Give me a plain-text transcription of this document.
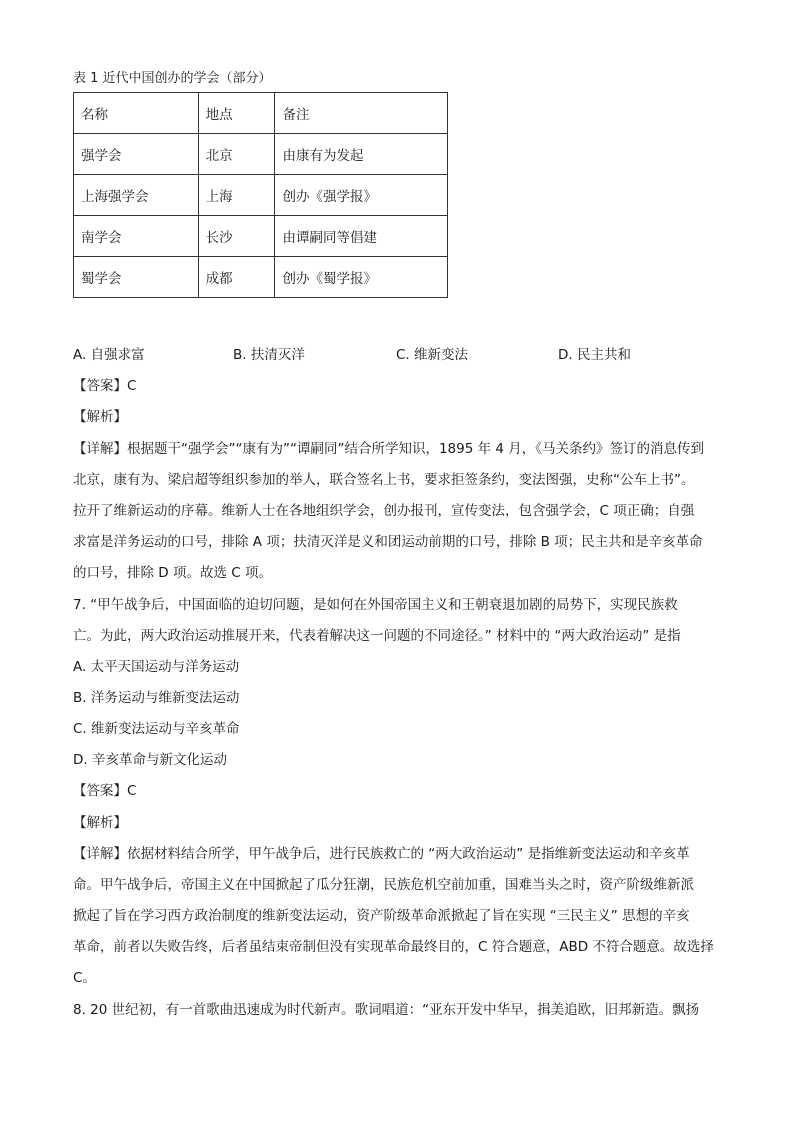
表 1 近代中国创办的学会（部分）
名称	地点	备注
强学会	北京	由康有为发起
上海强学会	上海	创办《强学报》
南学会	长沙	由谭嗣同等倡建
蜀学会	成都	创办《蜀学报》
A. 自强求富	B. 扶清灭洋	C. 维新变法	D. 民主共和
【答案】C
【解析】
【详解】根据题干“强学会”“康有为”“谭嗣同”结合所学知识，1895 年 4 月，《马关条约》签订的消息传到
北京，康有为、梁启超等组织参加的举人，联合签名上书，要求拒签条约，变法图强，史称“公车上书”。
拉开了维新运动的序幕。维新人士在各地组织学会，创办报刊，宣传变法，包含强学会，C 项正确；自强
求富是洋务运动的口号，排除 A 项；扶清灭洋是义和团运动前期的口号，排除 B 项；民主共和是辛亥革命
的口号，排除 D 项。故选 C 项。
7. “甲午战争后，中国面临的迫切问题，是如何在外国帝国主义和王朝衰退加剧的局势下，实现民族救
亡。为此，两大政治运动推展开来，代表着解决这一问题的不同途径。” 材料中的 “两大政治运动” 是指
A. 太平天国运动与洋务运动
B. 洋务运动与维新变法运动
C. 维新变法运动与辛亥革命
D. 辛亥革命与新文化运动
【答案】C
【解析】
【详解】依据材料结合所学，甲午战争后，进行民族救亡的 “两大政治运动” 是指维新变法运动和辛亥革
命。甲午战争后，帝国主义在中国掀起了瓜分狂潮，民族危机空前加重，国难当头之时，资产阶级维新派
掀起了旨在学习西方政治制度的维新变法运动，资产阶级革命派掀起了旨在实现 “三民主义” 思想的辛亥
革命，前者以失败告终，后者虽结束帝制但没有实现革命最终目的，C 符合题意，ABD 不符合题意。故选择
C。
8. 20 世纪初，有一首歌曲迅速成为时代新声。歌词唱道：“亚东开发中华早，揖美追欧，旧邦新造。飘扬
